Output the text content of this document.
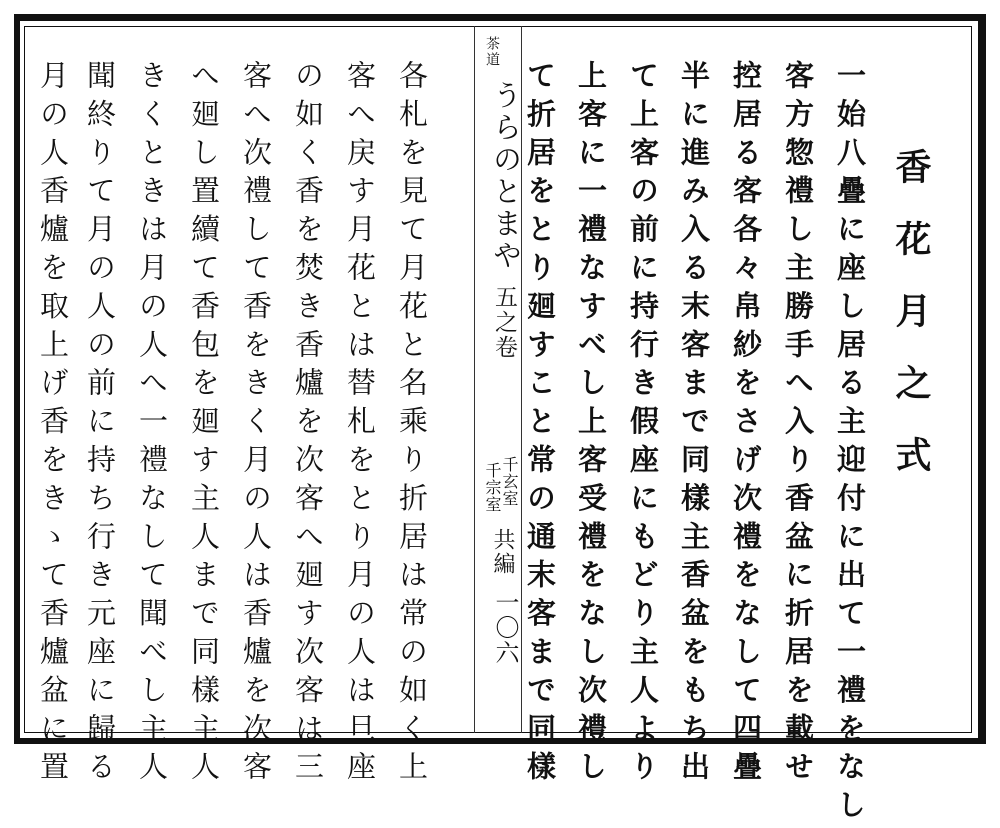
香花月之式
一始八疊に座し居る主迎付に出て一禮をなし
客方惣禮し主勝手へ入り香盆に折居を載せ
控居る客各々帛紗をさげ次禮をなして四疊
半に進み入る末客まで同樣主香盆をもち出
て上客の前に持行き假座にもどり主人より
上客に一禮なすべし上客受禮をなし次禮し
茶道
うらのとまや
五之卷
千玄室
千宗室
共編
一〇六
各札を見て月花と名乘り折居は常の如く上
客へ戻す月花とは替札をとり月の人は旦座
の如く香を焚き香爐を次客へ廻す次客は三
客へ次禮して香をきく月の人は香爐を次客
へ廻し置續て香包を廻す主人まで同樣主人
きくときは月の人へ一禮なして聞べし主人
聞終りて月の人の前に持ち行き元座に歸る	て折居をとり廻すこと常の通末客まで同樣
月の人香爐を取上げ香をきゝて香爐盆に置
